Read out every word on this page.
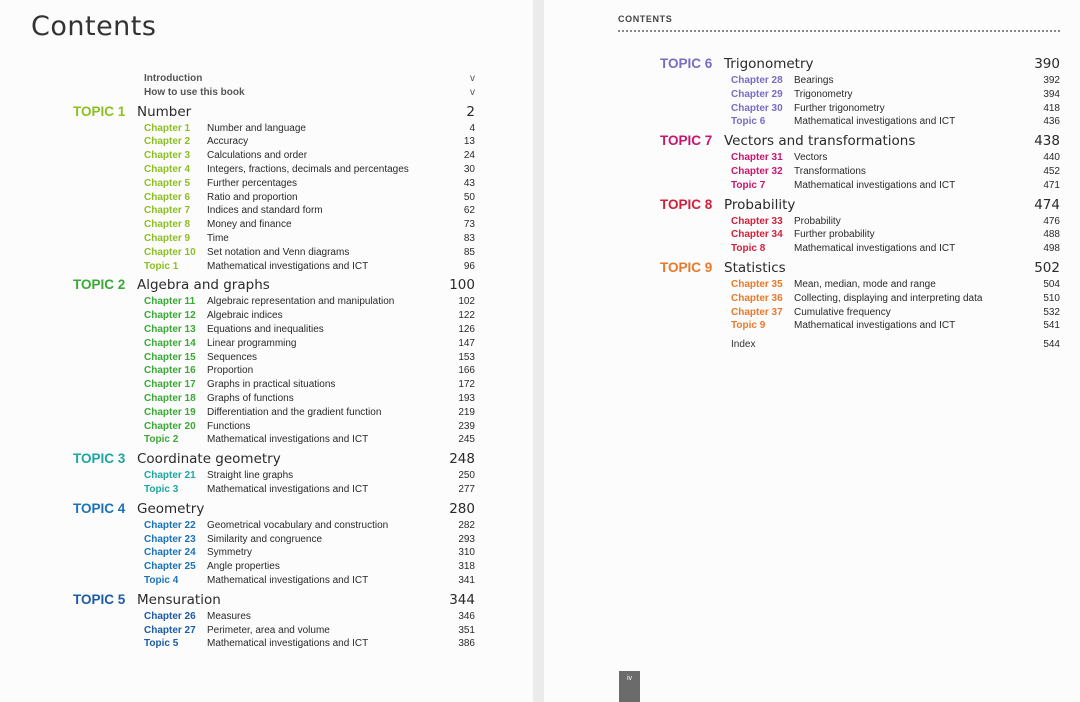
Contents
Introduction	v
How to use this book	v
TOPIC 1 Number	2
Chapter 1	Number and language	4
Chapter 2	Accuracy	13
Chapter 3	Calculations and order	24
Chapter 4	Integers, fractions, decimals and percentages	30
Chapter 5	Further percentages	43
Chapter 6	Ratio and proportion	50
Chapter 7	Indices and standard form	62
Chapter 8	Money and finance	73
Chapter 9	Time	83
Chapter 10	Set notation and Venn diagrams	85
Topic 1	Mathematical investigations and ICT	96
TOPIC 2 Algebra and graphs	100
Chapter 11	Algebraic representation and manipulation	102
Chapter 12	Algebraic indices	122
Chapter 13	Equations and inequalities	126
Chapter 14	Linear programming	147
Chapter 15	Sequences	153
Chapter 16	Proportion	166
Chapter 17	Graphs in practical situations	172
Chapter 18	Graphs of functions	193
Chapter 19	Differentiation and the gradient function	219
Chapter 20	Functions	239
Topic 2	Mathematical investigations and ICT	245
TOPIC 3 Coordinate geometry	248
Chapter 21	Straight line graphs	250
Topic 3	Mathematical investigations and ICT	277
TOPIC 4 Geometry	280
Chapter 22	Geometrical vocabulary and construction	282
Chapter 23	Similarity and congruence	293
Chapter 24	Symmetry	310
Chapter 25	Angle properties	318
Topic 4	Mathematical investigations and ICT	341
TOPIC 5 Mensuration	344
Chapter 26	Measures	346
Chapter 27	Perimeter, area and volume	351
Topic 5	Mathematical investigations and ICT	386
CONTENTS
TOPIC 6 Trigonometry	390
Chapter 28	Bearings	392
Chapter 29	Trigonometry	394
Chapter 30	Further trigonometry	418
Topic 6	Mathematical investigations and ICT	436
TOPIC 7 Vectors and transformations	438
Chapter 31	Vectors	440
Chapter 32	Transformations	452
Topic 7	Mathematical investigations and ICT	471
TOPIC 8 Probability	474
Chapter 33	Probability	476
Chapter 34	Further probability	488
Topic 8	Mathematical investigations and ICT	498
TOPIC 9 Statistics	502
Chapter 35	Mean, median, mode and range	504
Chapter 36	Collecting, displaying and interpreting data	510
Chapter 37	Cumulative frequency	532
Topic 9	Mathematical investigations and ICT	541
Index	544
iv
